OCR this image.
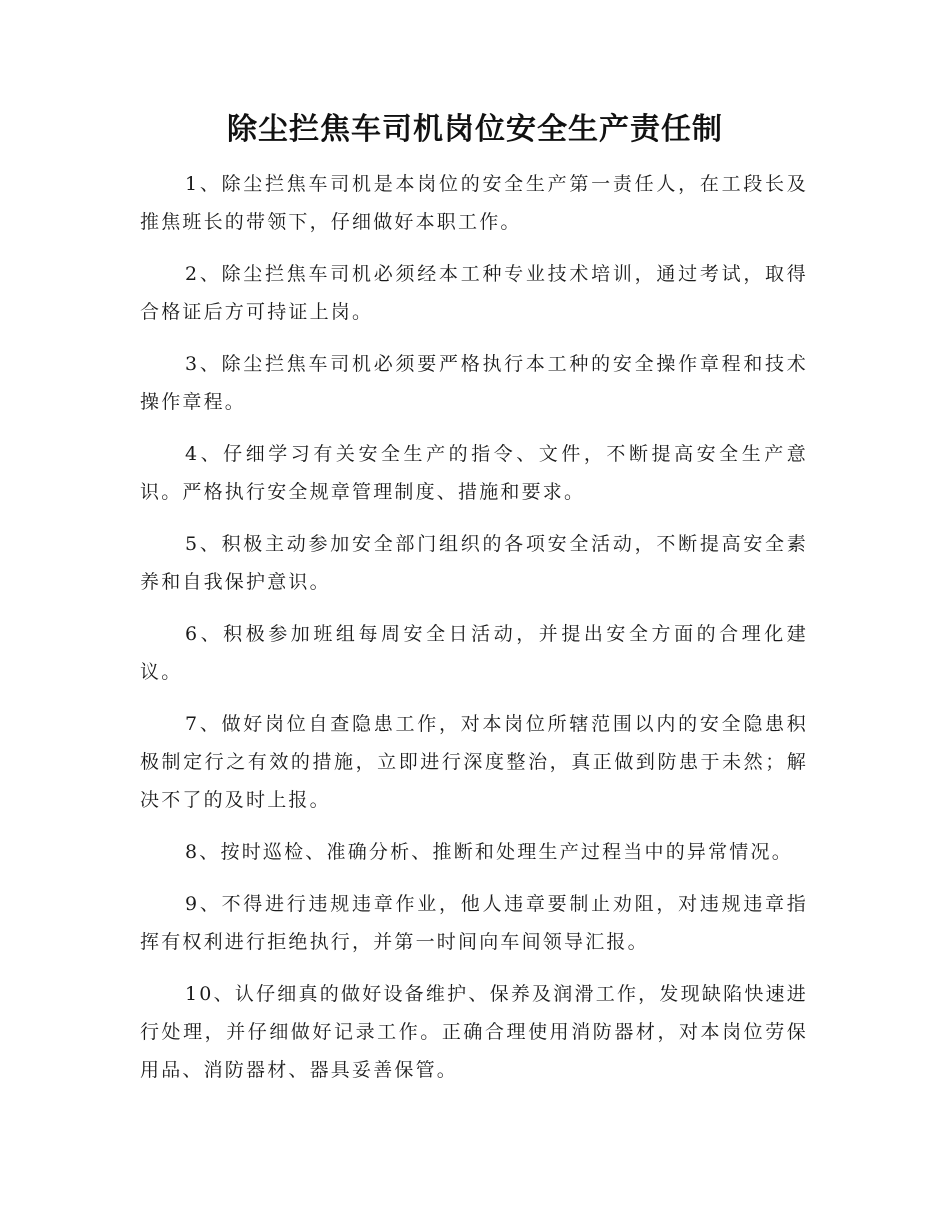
除尘拦焦车司机岗位安全生产责任制

1、除尘拦焦车司机是本岗位的安全生产第一责任人，在工段长及推焦班长的带领下，仔细做好本职工作。

2、除尘拦焦车司机必须经本工种专业技术培训，通过考试，取得合格证后方可持证上岗。

3、除尘拦焦车司机必须要严格执行本工种的安全操作章程和技术操作章程。

4、仔细学习有关安全生产的指令、文件，不断提高安全生产意识。严格执行安全规章管理制度、措施和要求。

5、积极主动参加安全部门组织的各项安全活动，不断提高安全素养和自我保护意识。

6、积极参加班组每周安全日活动，并提出安全方面的合理化建议。

7、做好岗位自查隐患工作，对本岗位所辖范围以内的安全隐患积极制定行之有效的措施，立即进行深度整治，真正做到防患于未然；解决不了的及时上报。

8、按时巡检、准确分析、推断和处理生产过程当中的异常情况。

9、不得进行违规违章作业，他人违章要制止劝阻，对违规违章指挥有权利进行拒绝执行，并第一时间向车间领导汇报。

10、认仔细真的做好设备维护、保养及润滑工作，发现缺陷快速进行处理，并仔细做好记录工作。正确合理使用消防器材，对本岗位劳保用品、消防器材、器具妥善保管。
